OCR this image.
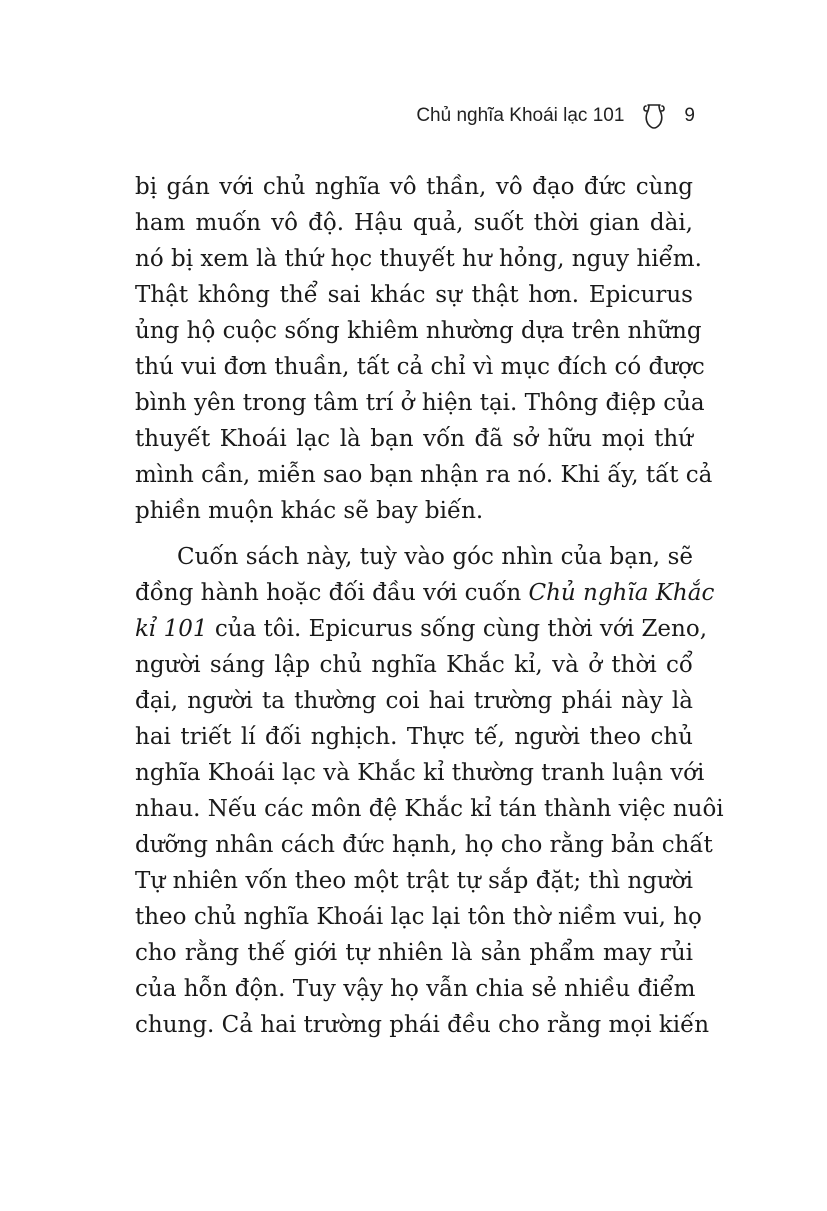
Chủ nghĩa Khoái lạc 101	9
bị gán với chủ nghĩa vô thần, vô đạo đức cùng
ham muốn vô độ. Hậu quả, suốt thời gian dài,
nó bị xem là thứ học thuyết hư hỏng, nguy hiểm.
Thật không thể sai khác sự thật hơn. Epicurus
ủng hộ cuộc sống khiêm nhường dựa trên những
thú vui đơn thuần, tất cả chỉ vì mục đích có được
bình yên trong tâm trí ở hiện tại. Thông điệp của
thuyết Khoái lạc là bạn vốn đã sở hữu mọi thứ
mình cần, miễn sao bạn nhận ra nó. Khi ấy, tất cả
phiền muộn khác sẽ bay biến.
Cuốn sách này, tuỳ vào góc nhìn của bạn, sẽ
đồng hành hoặc đối đầu với cuốn Chủ nghĩa Khắc
kỉ 101 của tôi. Epicurus sống cùng thời với Zeno,
người sáng lập chủ nghĩa Khắc kỉ, và ở thời cổ
đại, người ta thường coi hai trường phái này là
hai triết lí đối nghịch. Thực tế, người theo chủ
nghĩa Khoái lạc và Khắc kỉ thường tranh luận với
nhau. Nếu các môn đệ Khắc kỉ tán thành việc nuôi
dưỡng nhân cách đức hạnh, họ cho rằng bản chất
Tự nhiên vốn theo một trật tự sắp đặt; thì người
theo chủ nghĩa Khoái lạc lại tôn thờ niềm vui, họ
cho rằng thế giới tự nhiên là sản phẩm may rủi
của hỗn độn. Tuy vậy họ vẫn chia sẻ nhiều điểm
chung. Cả hai trường phái đều cho rằng mọi kiến
